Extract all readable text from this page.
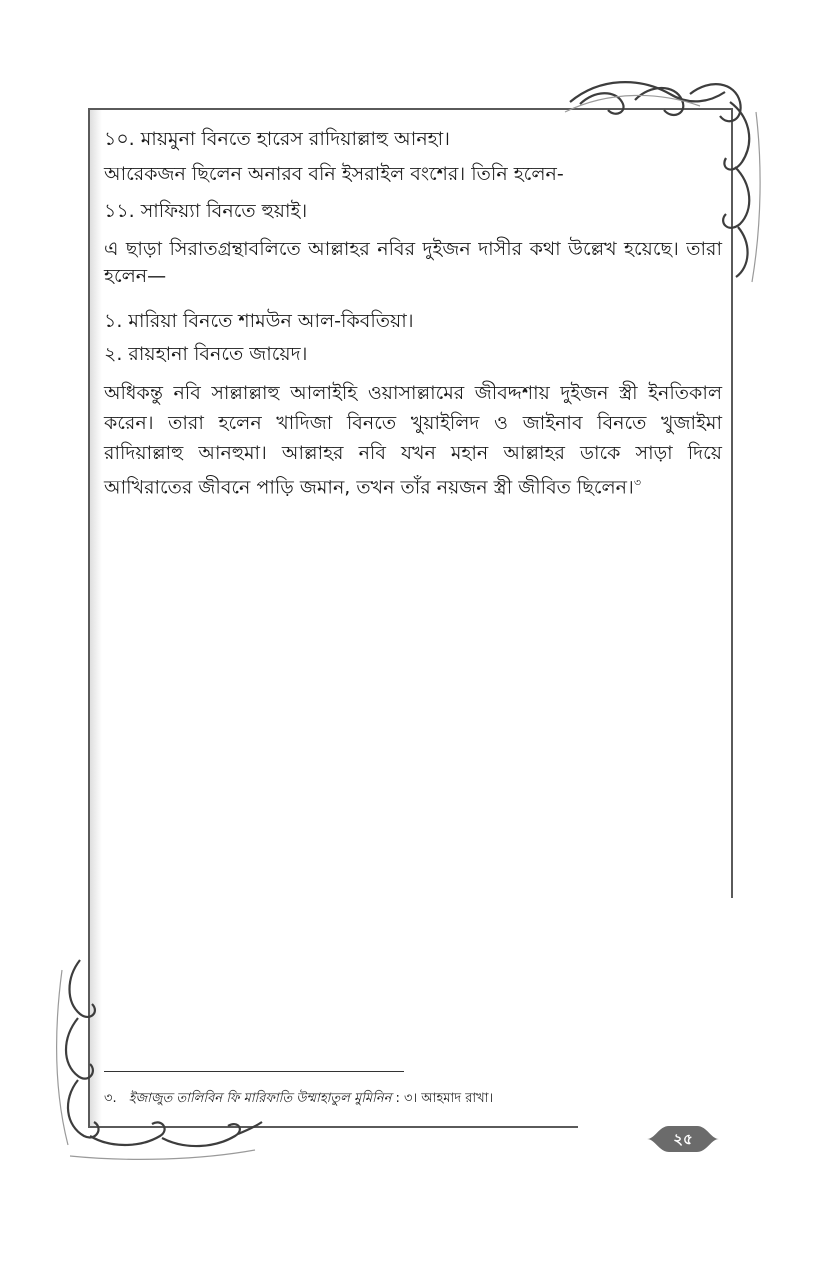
১০. মায়মুনা বিনতে হারেস রাদিয়াল্লাহু আনহা।

আরেকজন ছিলেন অনারব বনি ইসরাইল বংশের। তিনি হলেন-

১১. সাফিয়্যা বিনতে হুয়াই।

এ ছাড়া সিরাতগ্রন্থাবলিতে আল্লাহর নবির দুইজন দাসীর কথা উল্লেখ হয়েছে। তারা হলেন—

১. মারিয়া বিনতে শামউন আল-কিবতিয়া।

২. রায়হানা বিনতে জায়েদ।

অধিকন্তু নবি সাল্লাল্লাহু আলাইহি ওয়াসাল্লামের জীবদ্দশায় দুইজন স্ত্রী ইনতিকাল করেন। তারা হলেন খাদিজা বিনতে খুয়াইলিদ ও জাইনাব বিনতে খুজাইমা রাদিয়াল্লাহু আনহুমা। আল্লাহর নবি যখন মহান আল্লাহর ডাকে সাড়া দিয়ে আখিরাতের জীবনে পাড়ি জমান, তখন তাঁর নয়জন স্ত্রী জীবিত ছিলেন।$^৩$

৩. ইজাজুত তালিবিন ফি মারিফাতি উম্মাহাতুল মুমিনিন : ৩। আহমাদ রাখা।
২৫
